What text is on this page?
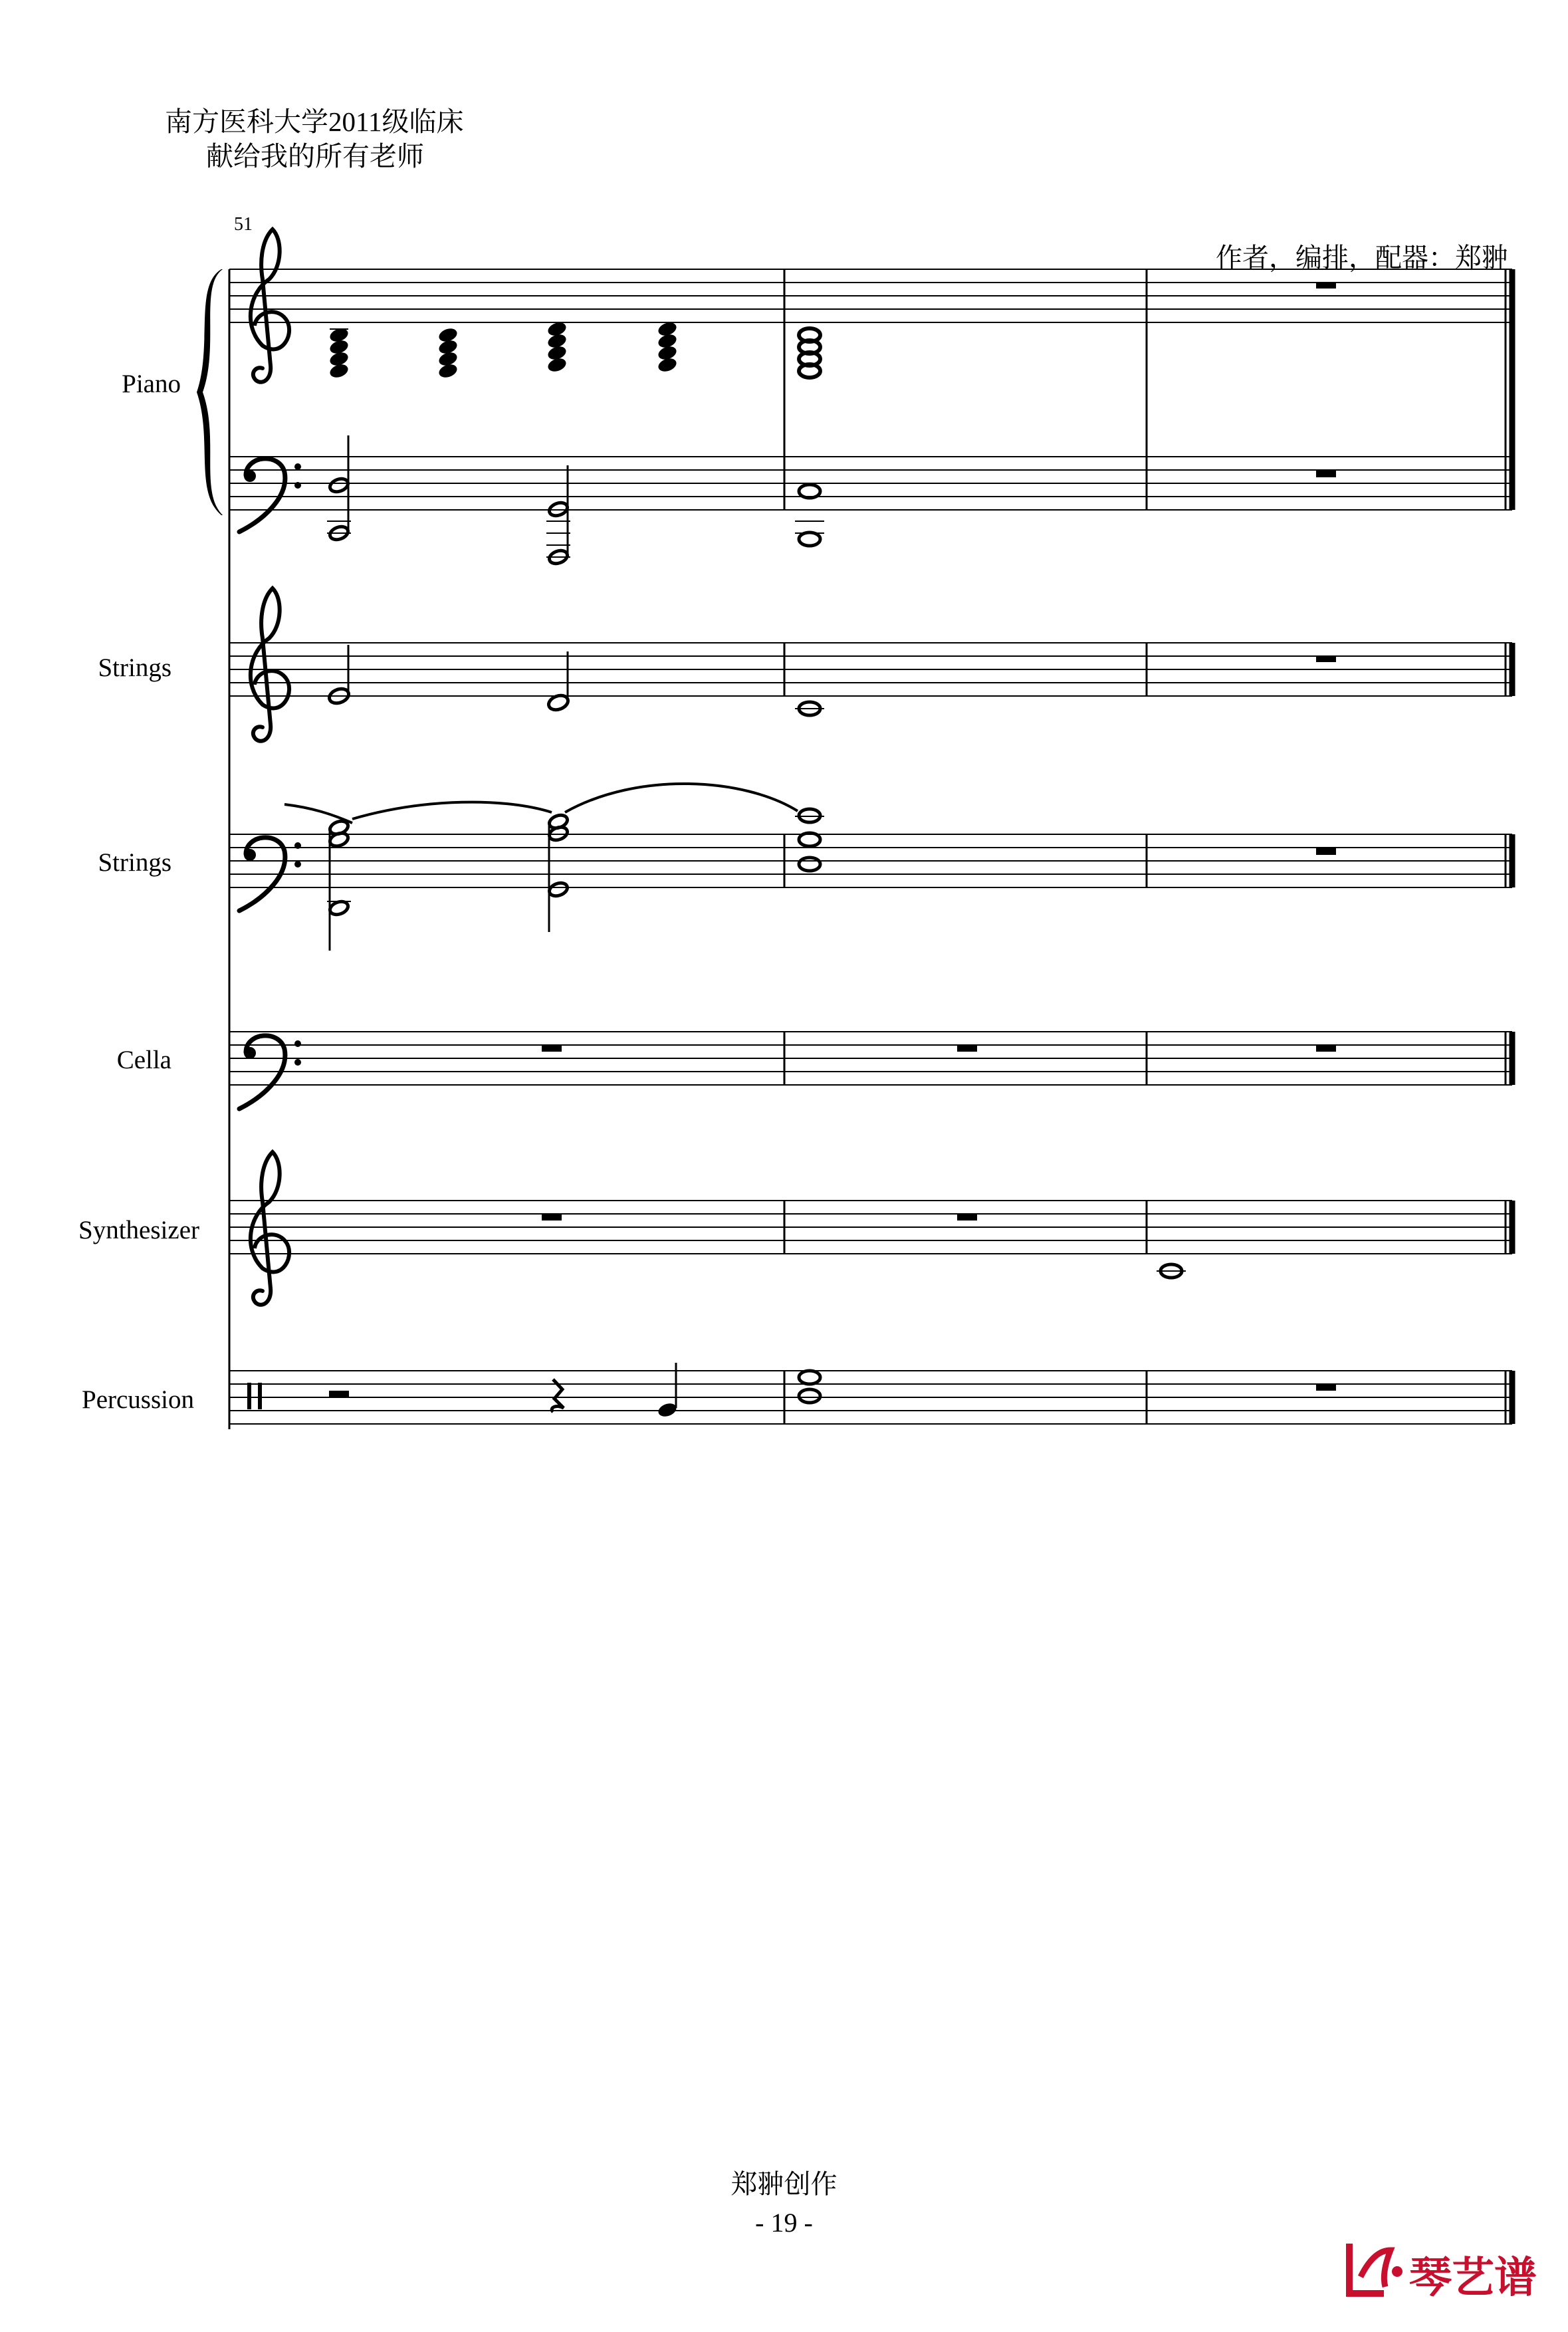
南方医科大学2011级临床
献给我的所有老师
51
作者，编排，配器：郑翀
Piano
Strings
Strings
Cella
Synthesizer
Percussion
郑翀创作
- 19 -
琴艺谱
